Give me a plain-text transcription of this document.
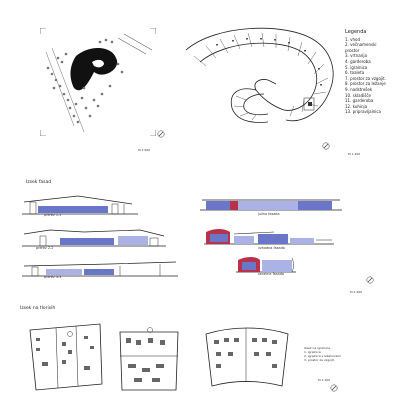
M 1:500
M 1:200
Legenda
1. vhod
2. večnamenski prostor
3. vrtnarija
4. garderoba
5. igralnica
6. toaleta
7. prostor za vzgojit.
8. prostor za ležanje
9. nadstrešek
10. skladišče
11. garderoba
12. kuhinja
13. pripravljalnica
Izsek fasad
prerez 1-1
prerez 2-2
prerez 3-3
južna fasada
vzhodna fasada
severna fasada
M 1:200
Izsek na tlorisih
Izsek na igralnice
1. igralnica
2. igralnica s ležalnicami
3. prostor za vzgojit.
M 1:100
